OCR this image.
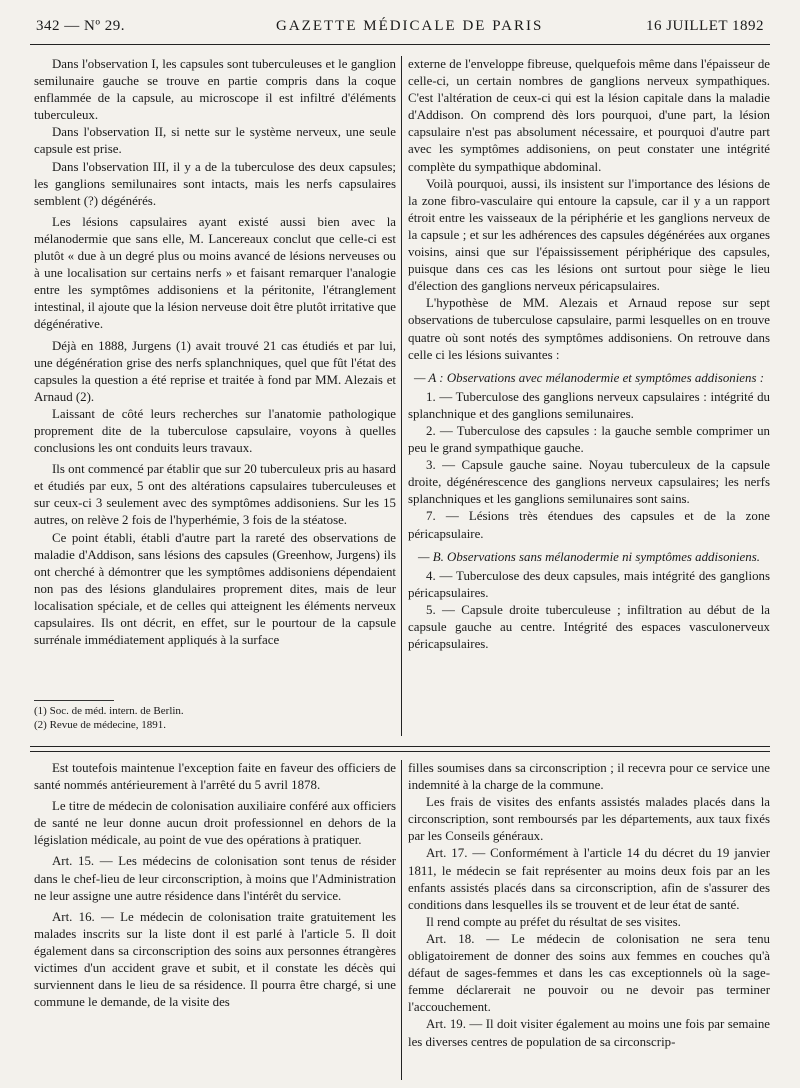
342 — Nº 29.	GAZETTE MÉDICALE DE PARIS	16 JUILLET 1892

Dans l'observation I, les capsules sont tuberculeuses et le ganglion semilunaire gauche se trouve en partie compris dans la coque enflammée de la capsule, au microscope il est infiltré d'éléments tuberculeux.

Dans l'observation II, si nette sur le système nerveux, une seule capsule est prise.

Dans l'observation III, il y a de la tuberculose des deux capsules; les ganglions semilunaires sont intacts, mais les nerfs capsulaires semblent (?) dégénérés.

Les lésions capsulaires ayant existé aussi bien avec la mélanodermie que sans elle, M. Lancereaux conclut que celle-ci est plutôt « due à un degré plus ou moins avancé de lésions nerveuses ou à une localisation sur certains nerfs » et faisant remarquer l'analogie entre les symptômes addisoniens et la péritonite, l'étranglement intestinal, il ajoute que la lésion nerveuse doit être plutôt irritative que dégénérative.

Déjà en 1888, Jurgens (1) avait trouvé 21 cas étudiés et par lui, une dégénération grise des nerfs splanchniques, quel que fût l'état des capsules la question a été reprise et traitée à fond par MM. Alezais et Arnaud (2).

Laissant de côté leurs recherches sur l'anatomie pathologique proprement dite de la tuberculose capsulaire, voyons à quelles conclusions les ont conduits leurs travaux.

Ils ont commencé par établir que sur 20 tuberculeux pris au hasard et étudiés par eux, 5 ont des altérations capsulaires tuberculeuses et sur ceux-ci 3 seulement avec des symptômes addisoniens. Sur les 15 autres, on relève 2 fois de l'hyperhémie, 3 fois de la stéatose.

Ce point établi, établi d'autre part la rareté des observations de maladie d'Addison, sans lésions des capsules (Greenhow, Jurgens) ils ont cherché à démontrer que les symptômes addisoniens dépendaient non pas des lésions glandulaires proprement dites, mais de leur localisation spéciale, et de celles qui atteignent les éléments nerveux capsulaires. Ils ont décrit, en effet, sur le pourtour de la capsule surrénale immédiatement appliqués à la surface

(1) Soc. de méd. intern. de Berlin.
(2) Revue de médecine, 1891.

externe de l'enveloppe fibreuse, quelquefois même dans l'épaisseur de celle-ci, un certain nombres de ganglions nerveux sympathiques. C'est l'altération de ceux-ci qui est la lésion capitale dans la maladie d'Addison. On comprend dès lors pourquoi, d'une part, la lésion capsulaire n'est pas absolument nécessaire, et pourquoi d'autre part avec les symptômes addisoniens, on peut constater une intégrité complète du sympathique abdominal.

Voilà pourquoi, aussi, ils insistent sur l'importance des lésions de la zone fibro-vasculaire qui entoure la capsule, car il y a un rapport étroit entre les vaisseaux de la périphérie et les ganglions nerveux de la capsule ; et sur les adhérences des capsules dégénérées aux organes voisins, ainsi que sur l'épaississement périphérique des capsules, puisque dans ces cas les lésions ont surtout pour siège le lieu d'élection des ganglions nerveux péricapsulaires.

L'hypothèse de MM. Alezais et Arnaud repose sur sept observations de tuberculose capsulaire, parmi lesquelles on en trouve quatre où sont notés des symptômes addisoniens. On retrouve dans celle ci les lésions suivantes :

— A : Observations avec mélanodermie et symptômes addisoniens :

1. — Tuberculose des ganglions nerveux capsulaires : intégrité du splanchnique et des ganglions semilunaires.

2. — Tuberculose des capsules : la gauche semble comprimer un peu le grand sympathique gauche.

3. — Capsule gauche saine. Noyau tuberculeux de la capsule droite, dégénérescence des ganglions nerveux capsulaires; les nerfs splanchniques et les ganglions semilunaires sont sains.

7. — Lésions très étendues des capsules et de la zone péricapsulaire.

— B. Observations sans mélanodermie ni symptômes addisoniens.

4. — Tuberculose des deux capsules, mais intégrité des ganglions péricapsulaires.

5. — Capsule droite tuberculeuse ; infiltration au début de la capsule gauche au centre. Intégrité des espaces vasculonerveux péricapsulaires.

Est toutefois maintenue l'exception faite en faveur des officiers de santé nommés antérieurement à l'arrêté du 5 avril 1878.

Le titre de médecin de colonisation auxiliaire conféré aux officiers de santé ne leur donne aucun droit professionnel en dehors de la législation médicale, au point de vue des opérations à pratiquer.

Art. 15. — Les médecins de colonisation sont tenus de résider dans le chef-lieu de leur circonscription, à moins que l'Administration ne leur assigne une autre résidence dans l'intérêt du service.

Art. 16. — Le médecin de colonisation traite gratuitement les malades inscrits sur la liste dont il est parlé à l'article 5. Il doit également dans sa circonscription des soins aux personnes étrangères victimes d'un accident grave et subit, et il constate les décès qui surviennent dans le lieu de sa résidence. Il pourra être chargé, si une commune le demande, de la visite des

filles soumises dans sa circonscription ; il recevra pour ce service une indemnité à la charge de la commune.

Les frais de visites des enfants assistés malades placés dans la circonscription, sont remboursés par les départements, aux taux fixés par les Conseils généraux.

Art. 17. — Conformément à l'article 14 du décret du 19 janvier 1811, le médecin se fait représenter au moins deux fois par an les enfants assistés placés dans sa circonscription, afin de s'assurer des conditions dans lesquelles ils se trouvent et de leur état de santé.

Il rend compte au préfet du résultat de ses visites.

Art. 18. — Le médecin de colonisation ne sera tenu obligatoirement de donner des soins aux femmes en couches qu'à défaut de sages-femmes et dans les cas exceptionnels où la sage-femme déclarerait ne pouvoir ou ne devoir pas terminer l'accouchement.

Art. 19. — Il doit visiter également au moins une fois par semaine les diverses centres de population de sa circonscrip-
